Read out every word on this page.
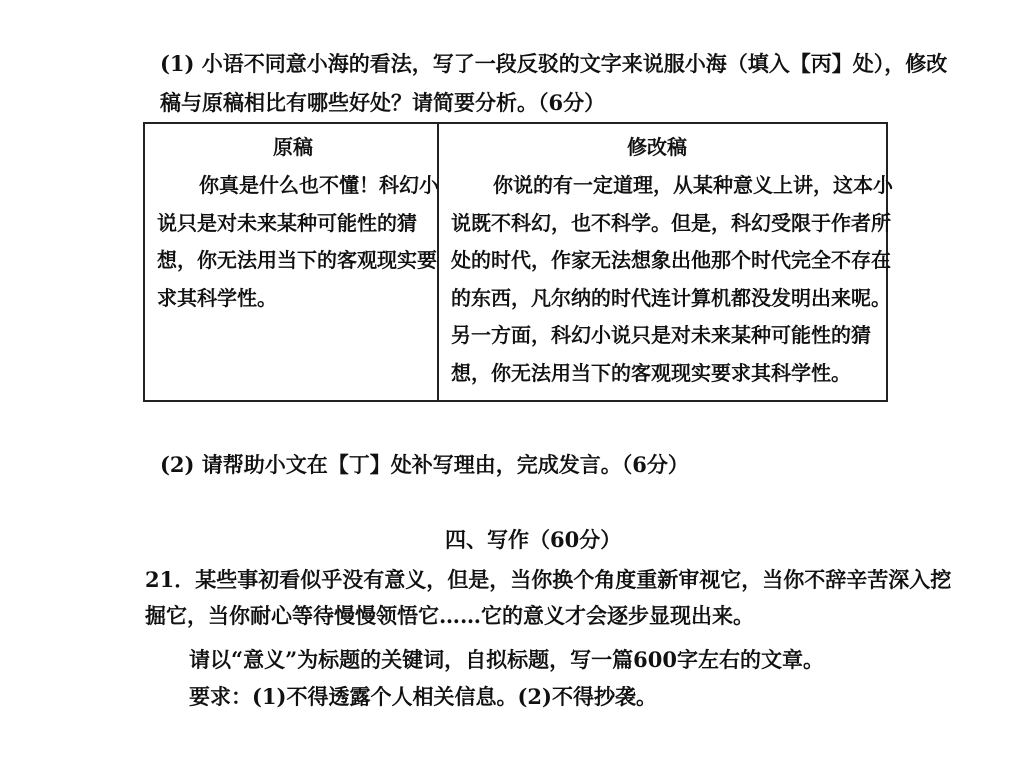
(1) 小语不同意小海的看法，写了一段反驳的文字来说服小海（填入【丙】处），修改
稿与原稿相比有哪些好处？请简要分析。（6分）
原稿	修改稿
你真是什么也不懂！科幻小
说只是对未来某种可能性的猜
想，你无法用当下的客观现实要
求其科学性。
你说的有一定道理，从某种意义上讲，这本小
说既不科幻，也不科学。但是，科幻受限于作者所
处的时代，作家无法想象出他那个时代完全不存在
的东西，凡尔纳的时代连计算机都没发明出来呢。
另一方面，科幻小说只是对未来某种可能性的猜
想，你无法用当下的客观现实要求其科学性。
(2) 请帮助小文在【丁】处补写理由，完成发言。（6分）
四、写作（60分）
21．某些事初看似乎没有意义，但是，当你换个角度重新审视它，当你不辞辛苦深入挖
掘它，当你耐心等待慢慢领悟它……它的意义才会逐步显现出来。
请以“意义”为标题的关键词，自拟标题，写一篇600字左右的文章。
要求：(1)不得透露个人相关信息。(2)不得抄袭。
